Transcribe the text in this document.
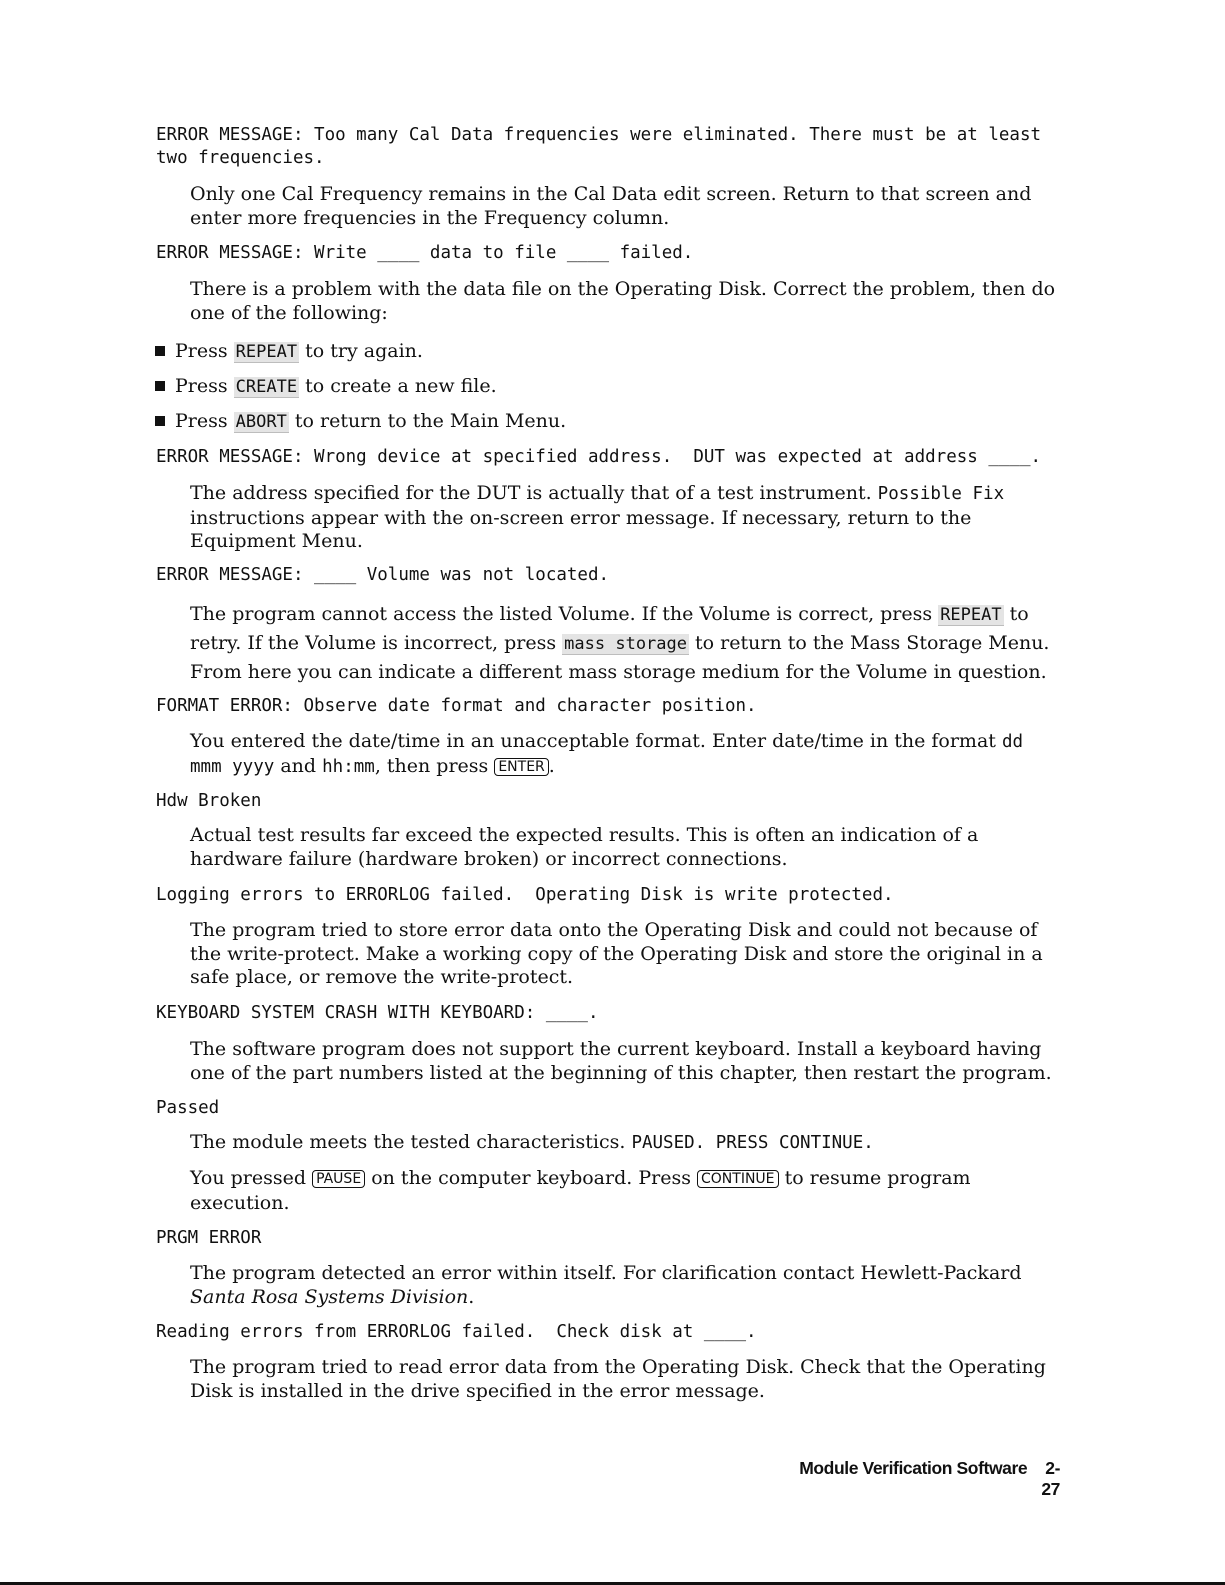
ERROR MESSAGE: Too many Cal Data frequencies were eliminated. There must be at least two frequencies.

Only one Cal Frequency remains in the Cal Data edit screen. Return to that screen and enter more frequencies in the Frequency column.

ERROR MESSAGE: Write ____ data to file ____ failed.

There is a problem with the data file on the Operating Disk. Correct the problem, then do one of the following:

Press REPEAT to try again.

Press CREATE to create a new file.

Press ABORT to return to the Main Menu.

ERROR MESSAGE: Wrong device at specified address.  DUT was expected at address ____.

The address specified for the DUT is actually that of a test instrument. Possible Fix instructions appear with the on-screen error message. If necessary, return to the Equipment Menu.

ERROR MESSAGE: ____ Volume was not located.

The program cannot access the listed Volume. If the Volume is correct, press REPEAT to retry. If the Volume is incorrect, press mass storage to return to the Mass Storage Menu. From here you can indicate a different mass storage medium for the Volume in question.

FORMAT ERROR: Observe date format and character position.

You entered the date/time in an unacceptable format. Enter date/time in the format dd mmm yyyy and hh:mm, then press ENTER .

Hdw Broken

Actual test results far exceed the expected results. This is often an indication of a hardware failure (hardware broken) or incorrect connections.

Logging errors to ERRORLOG failed.  Operating Disk is write protected.

The program tried to store error data onto the Operating Disk and could not because of the write-protect. Make a working copy of the Operating Disk and store the original in a safe place, or remove the write-protect.

KEYBOARD SYSTEM CRASH WITH KEYBOARD: ____.

The software program does not support the current keyboard. Install a keyboard having one of the part numbers listed at the beginning of this chapter, then restart the program.

Passed

The module meets the tested characteristics. PAUSED. PRESS CONTINUE.

You pressed PAUSE on the computer keyboard. Press CONTINUE to resume program execution.

PRGM ERROR

The program detected an error within itself. For clarification contact Hewlett-Packard Santa Rosa Systems Division.

Reading errors from ERRORLOG failed.  Check disk at ____.

The program tried to read error data from the Operating Disk. Check that the Operating Disk is installed in the drive specified in the error message.

Module Verification Software 2-27
